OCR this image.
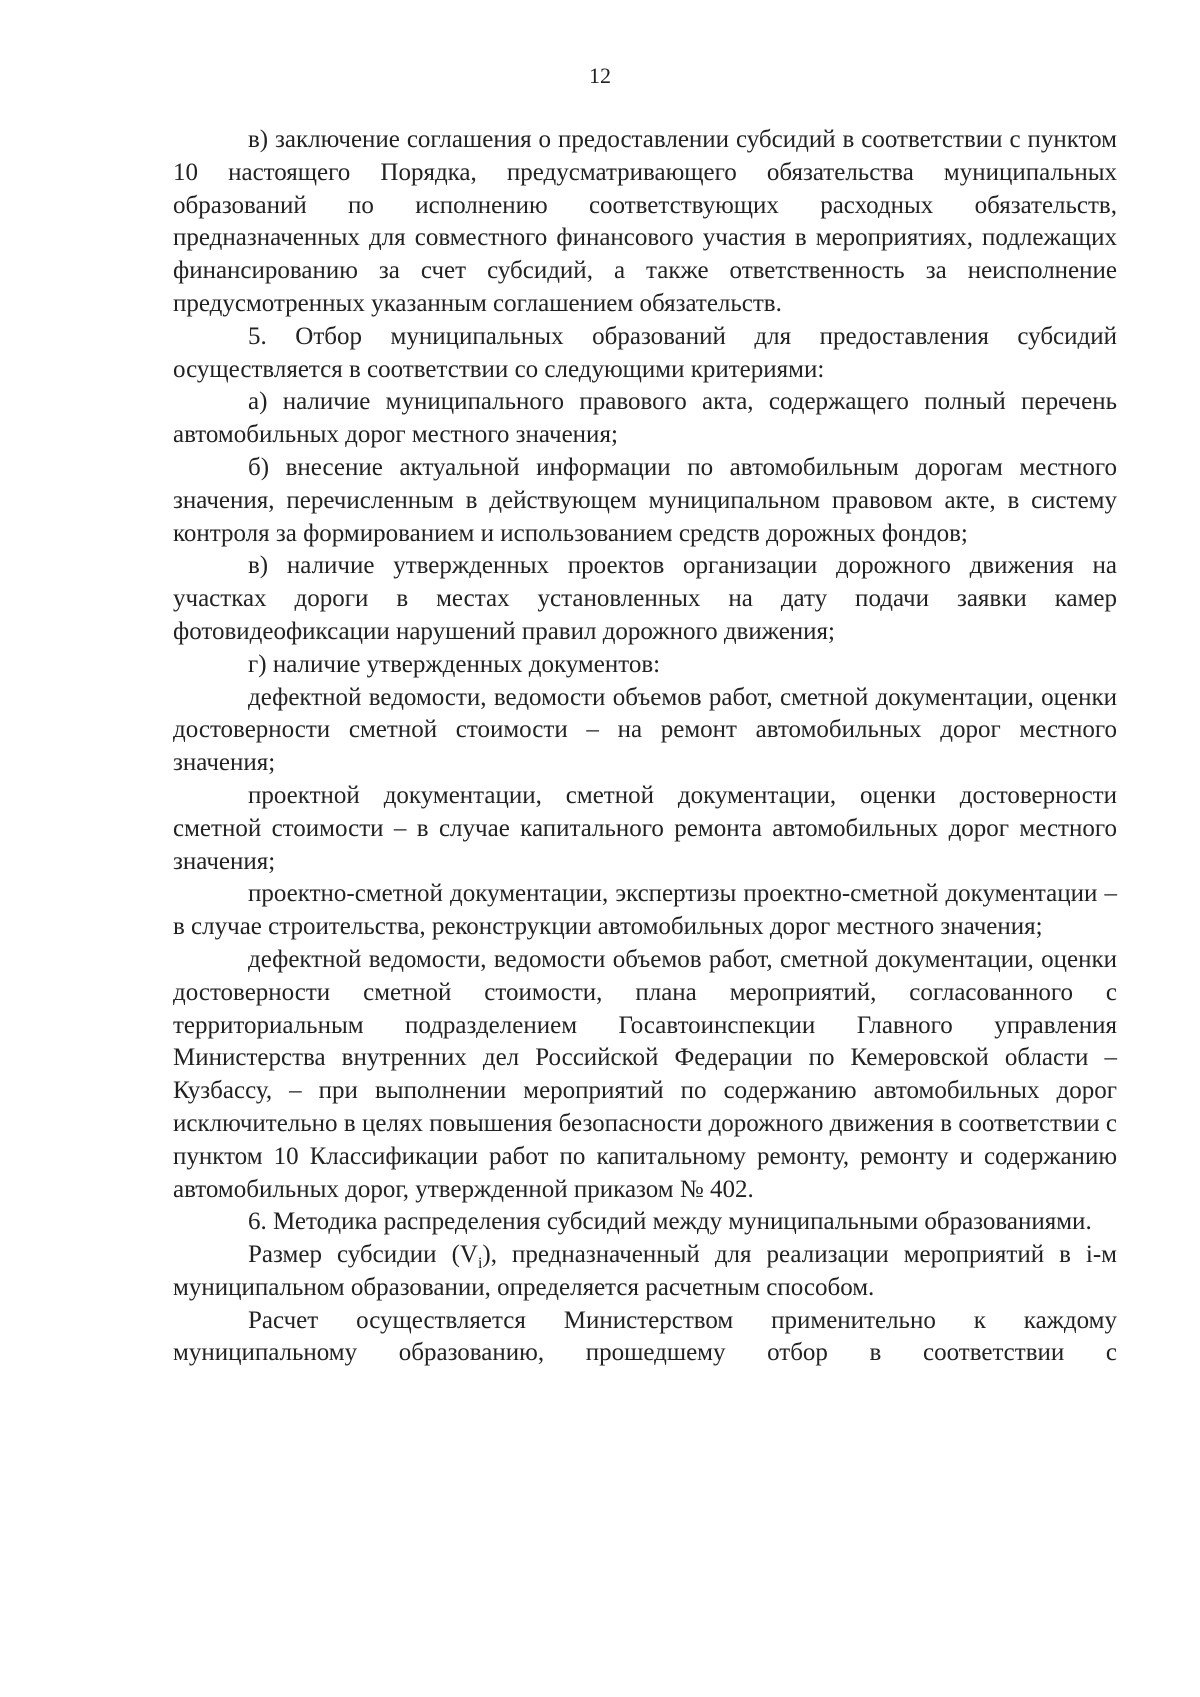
12

в) заключение соглашения о предоставлении субсидий в соответствии с пунктом 10 настоящего Порядка, предусматривающего обязательства муниципальных образований по исполнению соответствующих расходных обязательств, предназначенных для совместного финансового участия в мероприятиях, подлежащих финансированию за счет субсидий, а также ответственность за неисполнение предусмотренных указанным соглашением обязательств.

5. Отбор муниципальных образований для предоставления субсидий осуществляется в соответствии со следующими критериями:

а) наличие муниципального правового акта, содержащего полный перечень автомобильных дорог местного значения;

б) внесение актуальной информации по автомобильным дорогам местного значения, перечисленным в действующем муниципальном правовом акте, в систему контроля за формированием и использованием средств дорожных фондов;

в) наличие утвержденных проектов организации дорожного движения на участках дороги в местах установленных на дату подачи заявки камер фотовидеофиксации нарушений правил дорожного движения;

г) наличие утвержденных документов:

дефектной ведомости, ведомости объемов работ, сметной документации, оценки достоверности сметной стоимости – на ремонт автомобильных дорог местного значения;

проектной документации, сметной документации, оценки достоверности сметной стоимости – в случае капитального ремонта автомобильных дорог местного значения;

проектно-сметной документации, экспертизы проектно-сметной документации – в случае строительства, реконструкции автомобильных дорог местного значения;

дефектной ведомости, ведомости объемов работ, сметной документации, оценки достоверности сметной стоимости, плана мероприятий, согласованного с территориальным подразделением Госавтоинспекции Главного управления Министерства внутренних дел Российской Федерации по Кемеровской области – Кузбассу, – при выполнении мероприятий по содержанию автомобильных дорог исключительно в целях повышения безопасности дорожного движения в соответствии с пунктом 10 Классификации работ по капитальному ремонту, ремонту и содержанию автомобильных дорог, утвержденной приказом № 402.

6. Методика распределения субсидий между муниципальными образованиями.

Размер субсидии $(V_i)$, предназначенный для реализации мероприятий в i-м муниципальном образовании, определяется расчетным способом.

Расчет осуществляется Министерством применительно к каждому муниципальному образованию, прошедшему отбор в соответствии с
